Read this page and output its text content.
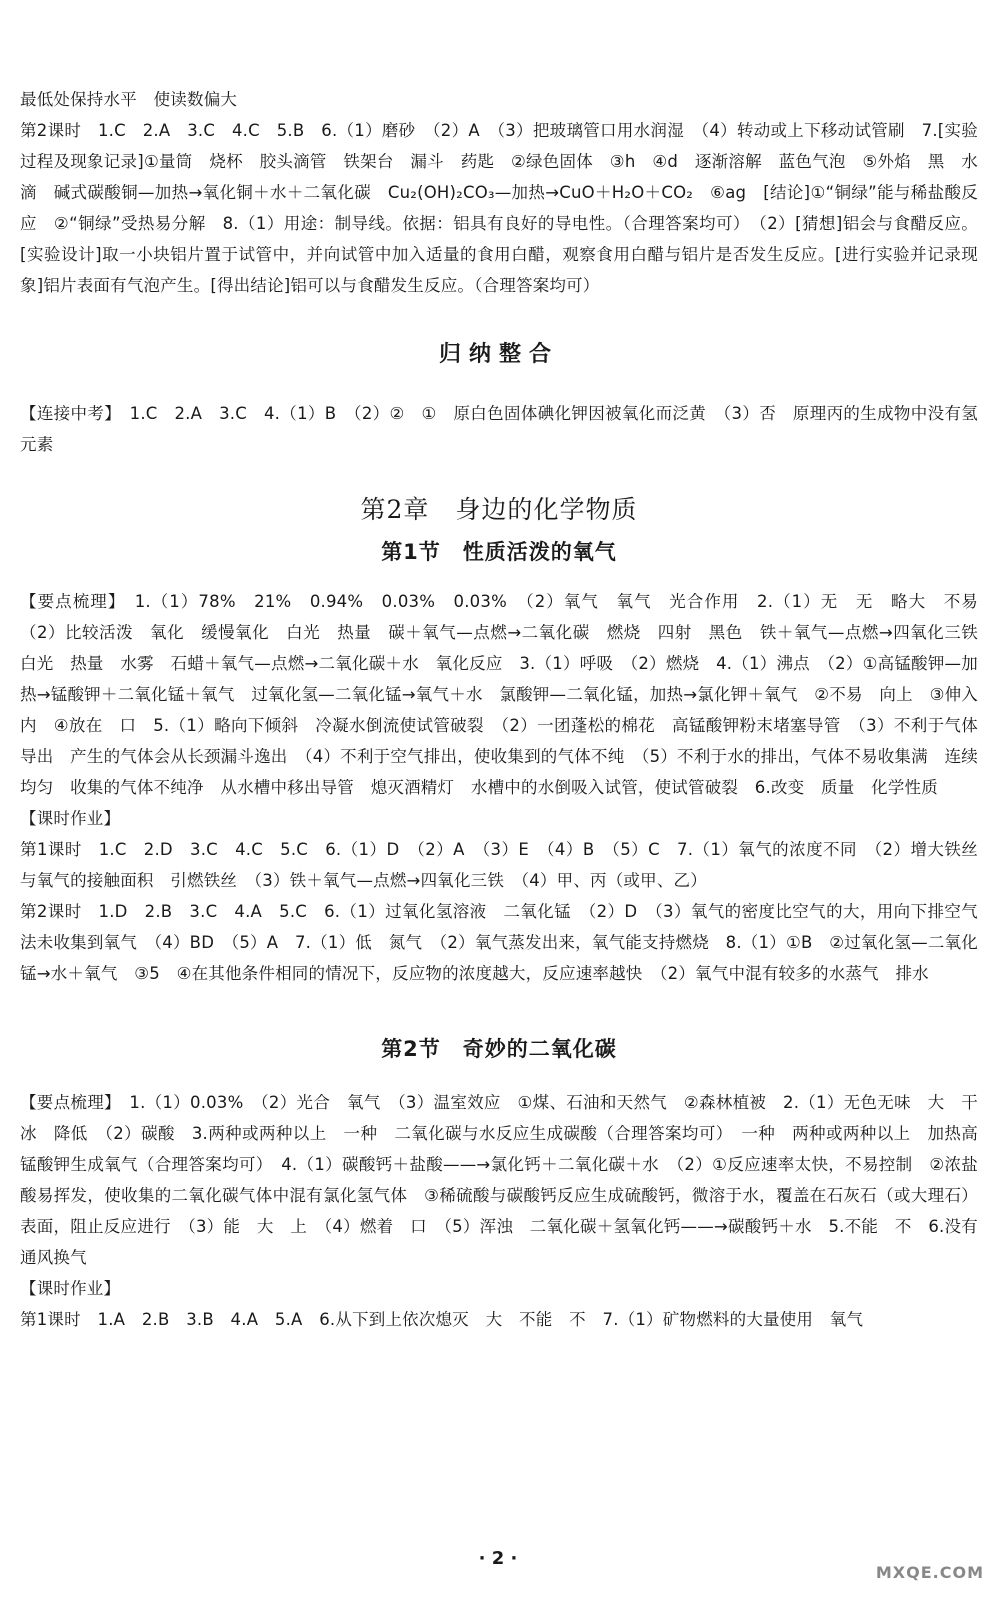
最低处保持水平　使读数偏大

第2课时　1.C　2.A　3.C　4.C　5.B　6.（1）磨砂　（2）A　（3）把玻璃管口用水润湿　（4）转动或上下移动试管刷　7.[实验过程及现象记录]①量筒　烧杯　胶头滴管　铁架台　漏斗　药匙　②绿色固体　③h　④d　逐渐溶解　蓝色气泡　⑤外焰　黑　水滴　碱式碳酸铜—加热→氧化铜＋水＋二氧化碳　Cu₂(OH)₂CO₃—加热→CuO＋H₂O＋CO₂　⑥ag　[结论]①“铜绿”能与稀盐酸反应　②“铜绿”受热易分解　8.（1）用途：制导线。依据：铝具有良好的导电性。（合理答案均可）　（2）[猜想]铝会与食醋反应。[实验设计]取一小块铝片置于试管中，并向试管中加入适量的食用白醋，观察食用白醋与铝片是否发生反应。[进行实验并记录现象]铝片表面有气泡产生。[得出结论]铝可以与食醋发生反应。（合理答案均可）

归纳整合

【连接中考】　1.C　2.A　3.C　4.（1）B　（2）②　①　原白色固体碘化钾因被氧化而泛黄　（3）否　原理丙的生成物中没有氢元素

第2章　身边的化学物质

第1节　性质活泼的氧气

【要点梳理】　1.（1）78%　21%　0.94%　0.03%　0.03%　（2）氧气　氧气　光合作用　2.（1）无　无　略大　不易　（2）比较活泼　氧化　缓慢氧化　白光　热量　碳＋氧气—点燃→二氧化碳　燃烧　四射　黑色　铁＋氧气—点燃→四氧化三铁　白光　热量　水雾　石蜡＋氧气—点燃→二氧化碳＋水　氧化反应　3.（1）呼吸　（2）燃烧　4.（1）沸点　（2）①高锰酸钾—加热→锰酸钾＋二氧化锰＋氧气　过氧化氢—二氧化锰→氧气＋水　氯酸钾—二氧化锰，加热→氯化钾＋氧气　②不易　向上　③伸入　内　④放在　口　5.（1）略向下倾斜　冷凝水倒流使试管破裂　（2）一团蓬松的棉花　高锰酸钾粉末堵塞导管　（3）不利于气体导出　产生的气体会从长颈漏斗逸出　（4）不利于空气排出，使收集到的气体不纯　（5）不利于水的排出，气体不易收集满　连续均匀　收集的气体不纯净　从水槽中移出导管　熄灭酒精灯　水槽中的水倒吸入试管，使试管破裂　6.改变　质量　化学性质

【课时作业】

第1课时　1.C　2.D　3.C　4.C　5.C　6.（1）D　（2）A　（3）E　（4）B　（5）C　7.（1）氧气的浓度不同　（2）增大铁丝与氧气的接触面积　引燃铁丝　（3）铁＋氧气—点燃→四氧化三铁　（4）甲、丙（或甲、乙）

第2课时　1.D　2.B　3.C　4.A　5.C　6.（1）过氧化氢溶液　二氧化锰　（2）D　（3）氧气的密度比空气的大，用向下排空气法未收集到氧气　（4）BD　（5）A　7.（1）低　氮气　（2）氧气蒸发出来，氧气能支持燃烧　8.（1）①B　②过氧化氢—二氧化锰→水＋氧气　③5　④在其他条件相同的情况下，反应物的浓度越大，反应速率越快　（2）氧气中混有较多的水蒸气　排水

第2节　奇妙的二氧化碳

【要点梳理】　1.（1）0.03%　（2）光合　氧气　（3）温室效应　①煤、石油和天然气　②森林植被　2.（1）无色无味　大　干冰　降低　（2）碳酸　3.两种或两种以上　一种　二氧化碳与水反应生成碳酸（合理答案均可）　一种　两种或两种以上　加热高锰酸钾生成氧气（合理答案均可）　4.（1）碳酸钙＋盐酸——→氯化钙＋二氧化碳＋水　（2）①反应速率太快，不易控制　②浓盐酸易挥发，使收集的二氧化碳气体中混有氯化氢气体　③稀硫酸与碳酸钙反应生成硫酸钙，微溶于水，覆盖在石灰石（或大理石）表面，阻止反应进行　（3）能　大　上　（4）燃着　口　（5）浑浊　二氧化碳＋氢氧化钙——→碳酸钙＋水　5.不能　不　6.没有　通风换气

【课时作业】

第1课时　1.A　2.B　3.B　4.A　5.A　6.从下到上依次熄灭　大　不能　不　7.（1）矿物燃料的大量使用　氧气

· 2 ·
MXQE.COM
